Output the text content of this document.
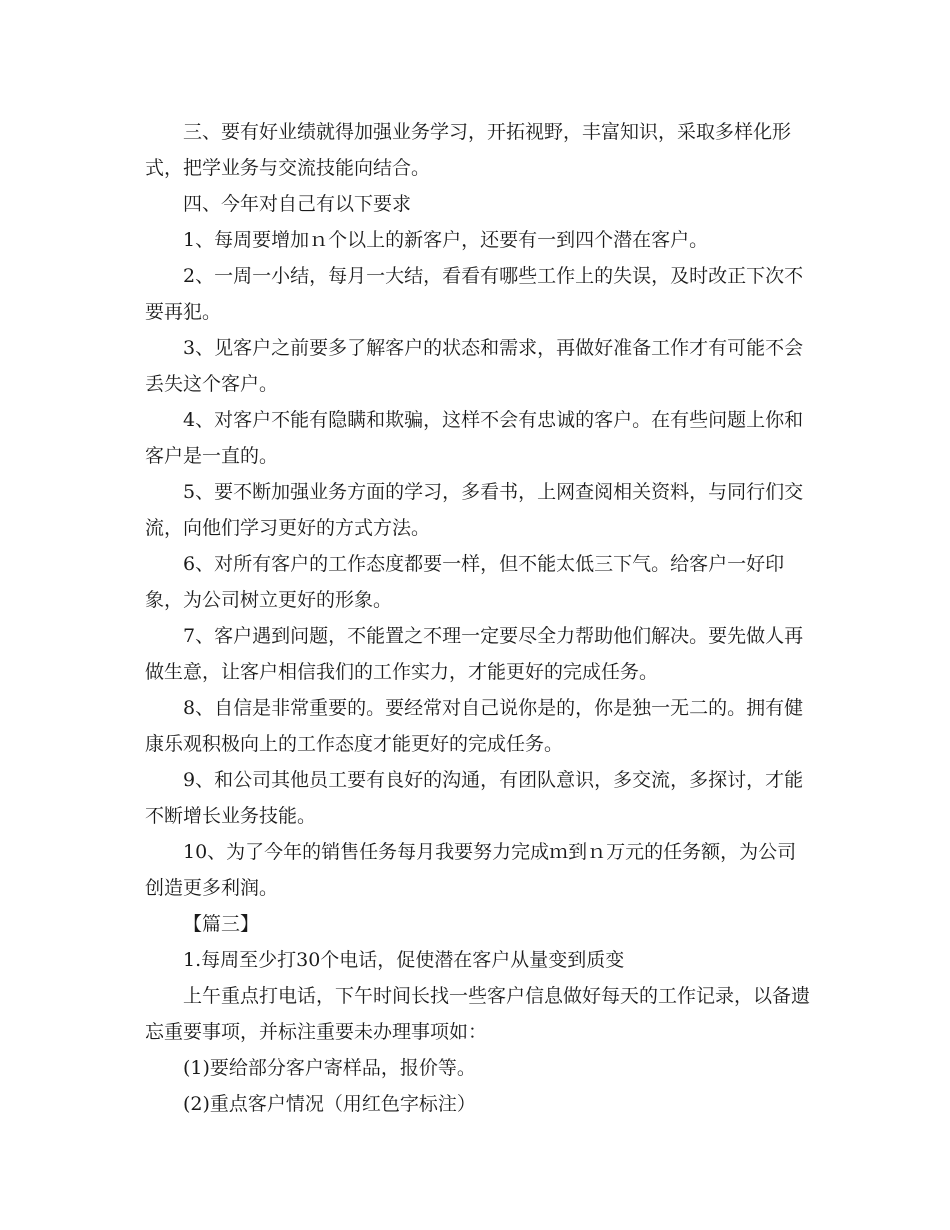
三、要有好业绩就得加强业务学习，开拓视野，丰富知识，采取多样化形式，把学业务与交流技能向结合。

四、今年对自己有以下要求

1、每周要增加ｎ个以上的新客户，还要有一到四个潜在客户。

2、一周一小结，每月一大结，看看有哪些工作上的失误，及时改正下次不要再犯。

3、见客户之前要多了解客户的状态和需求，再做好准备工作才有可能不会丢失这个客户。

4、对客户不能有隐瞒和欺骗，这样不会有忠诚的客户。在有些问题上你和客户是一直的。

5、要不断加强业务方面的学习，多看书，上网查阅相关资料，与同行们交流，向他们学习更好的方式方法。

6、对所有客户的工作态度都要一样，但不能太低三下气。给客户一好印象，为公司树立更好的形象。

7、客户遇到问题，不能置之不理一定要尽全力帮助他们解决。要先做人再做生意，让客户相信我们的工作实力，才能更好的完成任务。

8、自信是非常重要的。要经常对自己说你是的，你是独一无二的。拥有健康乐观积极向上的工作态度才能更好的完成任务。

9、和公司其他员工要有良好的沟通，有团队意识，多交流，多探讨，才能不断增长业务技能。

10、为了今年的销售任务每月我要努力完成ｍ到ｎ万元的任务额，为公司创造更多利润。

【篇三】

1.每周至少打30个电话，促使潜在客户从量变到质变

上午重点打电话，下午时间长找一些客户信息做好每天的工作记录，以备遗忘重要事项，并标注重要未办理事项如：

(1)要给部分客户寄样品，报价等。

(2)重点客户情况（用红色字标注）
